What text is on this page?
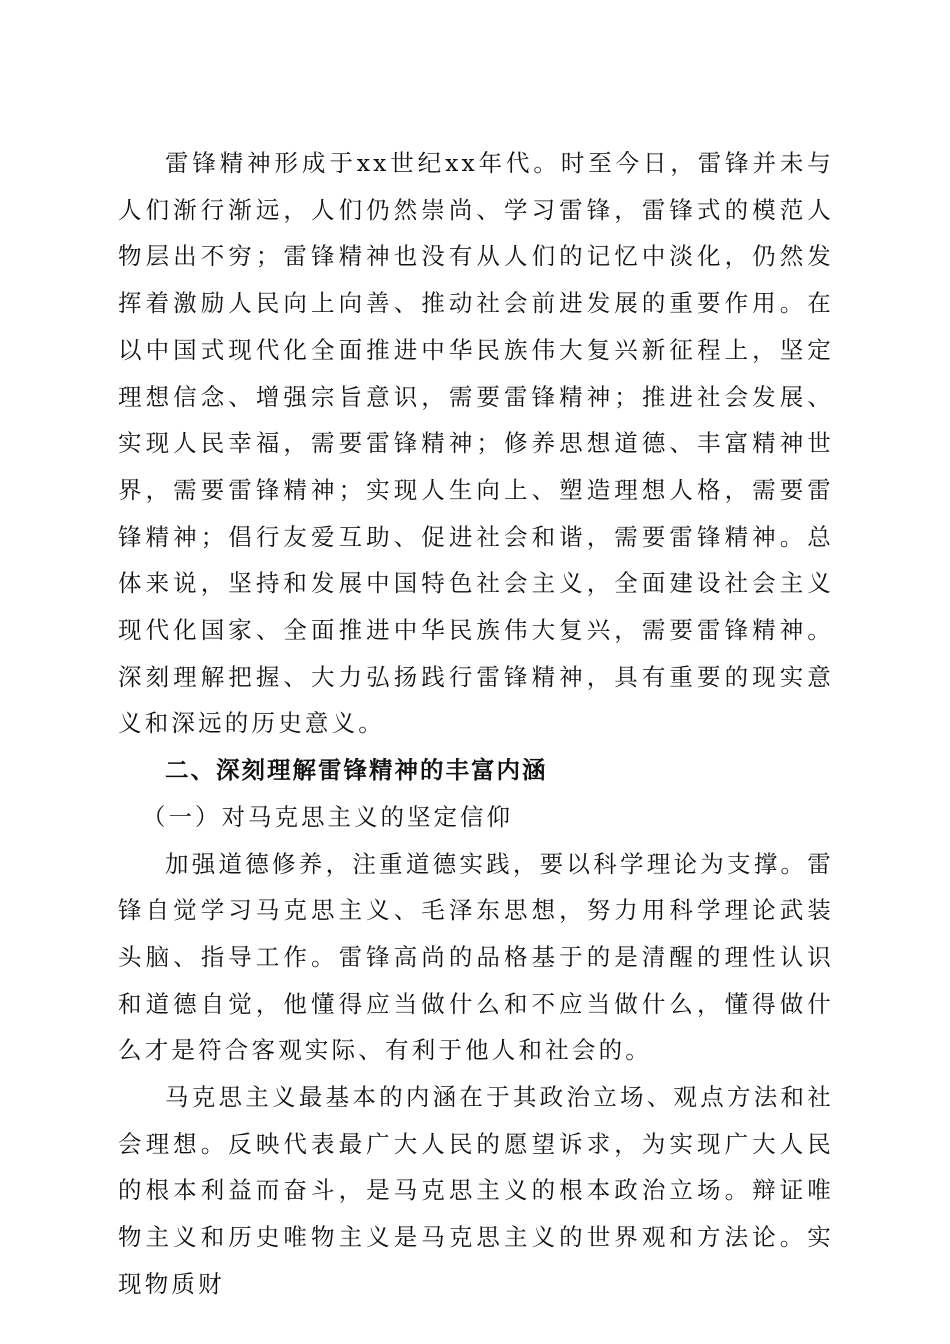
雷锋精神形成于xx世纪xx年代。时至今日，雷锋并未与人们渐行渐远，人们仍然崇尚、学习雷锋，雷锋式的模范人物层出不穷；雷锋精神也没有从人们的记忆中淡化，仍然发挥着激励人民向上向善、推动社会前进发展的重要作用。在以中国式现代化全面推进中华民族伟大复兴新征程上，坚定理想信念、增强宗旨意识，需要雷锋精神；推进社会发展、实现人民幸福，需要雷锋精神；修养思想道德、丰富精神世界，需要雷锋精神；实现人生向上、塑造理想人格，需要雷锋精神；倡行友爱互助、促进社会和谐，需要雷锋精神。总体来说，坚持和发展中国特色社会主义，全面建设社会主义现代化国家、全面推进中华民族伟大复兴，需要雷锋精神。深刻理解把握、大力弘扬践行雷锋精神，具有重要的现实意义和深远的历史意义。

二、深刻理解雷锋精神的丰富内涵

（一）对马克思主义的坚定信仰

加强道德修养，注重道德实践，要以科学理论为支撑。雷锋自觉学习马克思主义、毛泽东思想，努力用科学理论武装头脑、指导工作。雷锋高尚的品格基于的是清醒的理性认识和道德自觉，他懂得应当做什么和不应当做什么，懂得做什么才是符合客观实际、有利于他人和社会的。

马克思主义最基本的内涵在于其政治立场、观点方法和社会理想。反映代表最广大人民的愿望诉求，为实现广大人民的根本利益而奋斗，是马克思主义的根本政治立场。辩证唯物主义和历史唯物主义是马克思主义的世界观和方法论。实现物质财
